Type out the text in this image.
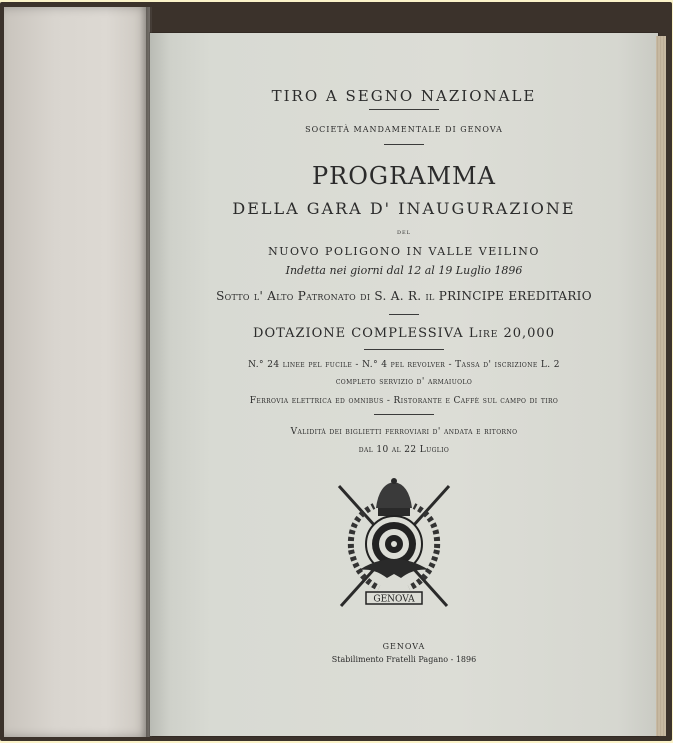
TIRO A SEGNO NAZIONALE
SOCIETÀ MANDAMENTALE DI GENOVA
PROGRAMMA
DELLA GARA D' INAUGURAZIONE
DEL
NUOVO POLIGONO IN VALLE VEILINO
Indetta nei giorni dal 12 al 19 Luglio 1896
Sotto l' Alto Patronato di S. A. R. il PRINCIPE EREDITARIO
DOTAZIONE COMPLESSIVA Lire 20,000
N.° 24 linee pel fucile - N.° 4 pel revolver - Tassa d' iscrizione L. 2
completo servizio d' armaiuolo
Ferrovia elettrica ed omnibus - Ristorante e Caffè sul campo di tiro
Validità dei biglietti ferroviari d' andata e ritorno
dal 10 al 22 Luglio
GENOVA
GENOVA
Stabilimento Fratelli Pagano - 1896
